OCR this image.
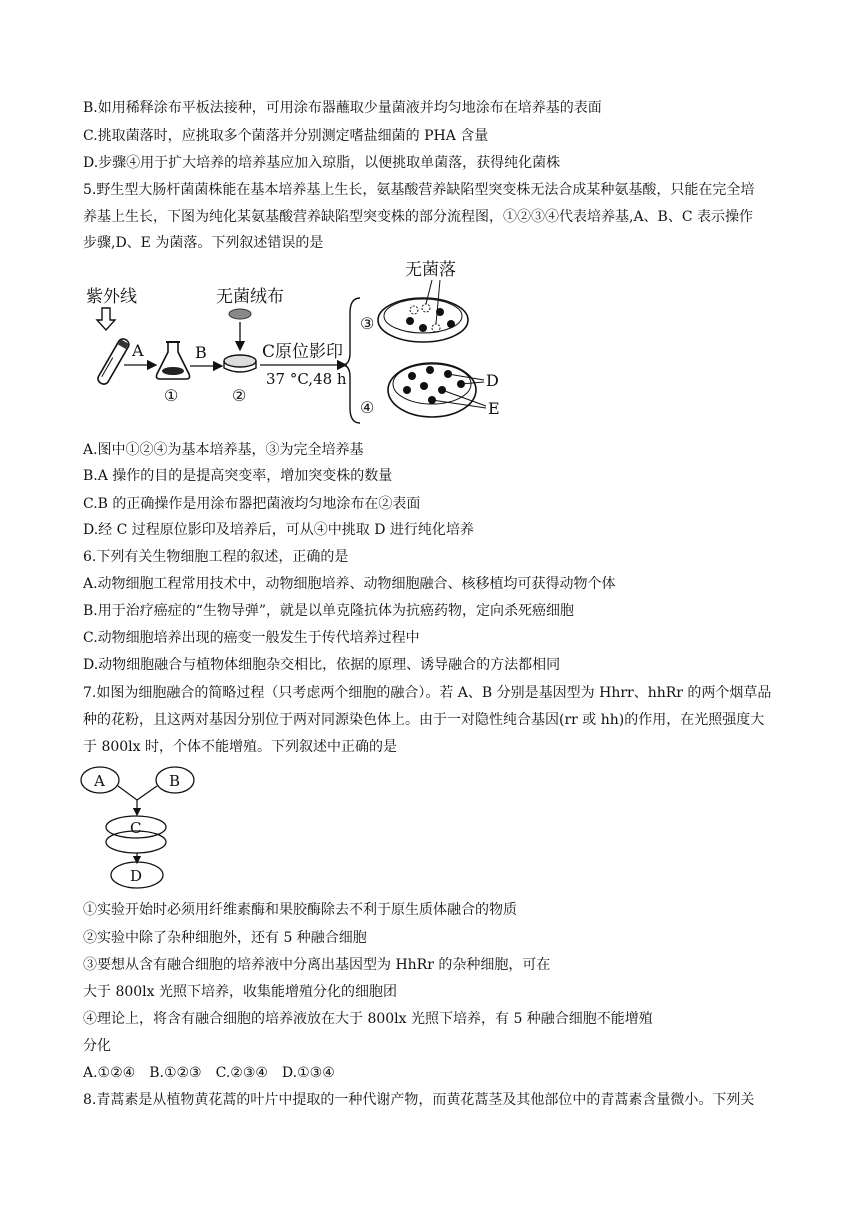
B.如用稀释涂布平板法接种，可用涂布器蘸取少量菌液并均匀地涂布在培养基的表面
C.挑取菌落时，应挑取多个菌落并分别测定嗜盐细菌的 PHA 含量
D.步骤④用于扩大培养的培养基应加入琼脂，以便挑取单菌落，获得纯化菌株
5.野生型大肠杆菌菌株能在基本培养基上生长，氨基酸营养缺陷型突变株无法合成某种氨基酸，只能在完全培
养基上生长，下图为纯化某氨基酸营养缺陷型突变株的部分流程图，①②③④代表培养基,A、B、C 表示操作
步骤,D、E 为菌落。下列叙述错误的是
紫外线
A
①
B
无菌绒布
②
C原位影印
37 °C,48 h
③
无菌落
④
D
E
A.图中①②④为基本培养基，③为完全培养基
B.A 操作的目的是提高突变率，增加突变株的数量
C.B 的正确操作是用涂布器把菌液均匀地涂布在②表面
D.经 C 过程原位影印及培养后，可从④中挑取 D 进行纯化培养
6.下列有关生物细胞工程的叙述，正确的是
A.动物细胞工程常用技术中，动物细胞培养、动物细胞融合、核移植均可获得动物个体
B.用于治疗癌症的“生物导弹”，就是以单克隆抗体为抗癌药物，定向杀死癌细胞
C.动物细胞培养出现的癌变一般发生于传代培养过程中
D.动物细胞融合与植物体细胞杂交相比，依据的原理、诱导融合的方法都相同
7.如图为细胞融合的简略过程（只考虑两个细胞的融合）。若 A、B 分别是基因型为 Hhrr、hhRr 的两个烟草品
种的花粉，且这两对基因分别位于两对同源染色体上。由于一对隐性纯合基因(rr 或 hh)的作用，在光照强度大
于 800lx 时，个体不能增殖。下列叙述中正确的是
A	B
C
D
①实验开始时必须用纤维素酶和果胶酶除去不利于原生质体融合的物质
②实验中除了杂种细胞外，还有 5 种融合细胞
③要想从含有融合细胞的培养液中分离出基因型为 HhRr 的杂种细胞，可在
大于 800lx 光照下培养，收集能增殖分化的细胞团
④理论上，将含有融合细胞的培养液放在大于 800lx 光照下培养，有 5 种融合细胞不能增殖
分化
A.①②④　B.①②③　C.②③④　D.①③④
8.青蒿素是从植物黄花蒿的叶片中提取的一种代谢产物，而黄花蒿茎及其他部位中的青蒿素含量微小。下列关
